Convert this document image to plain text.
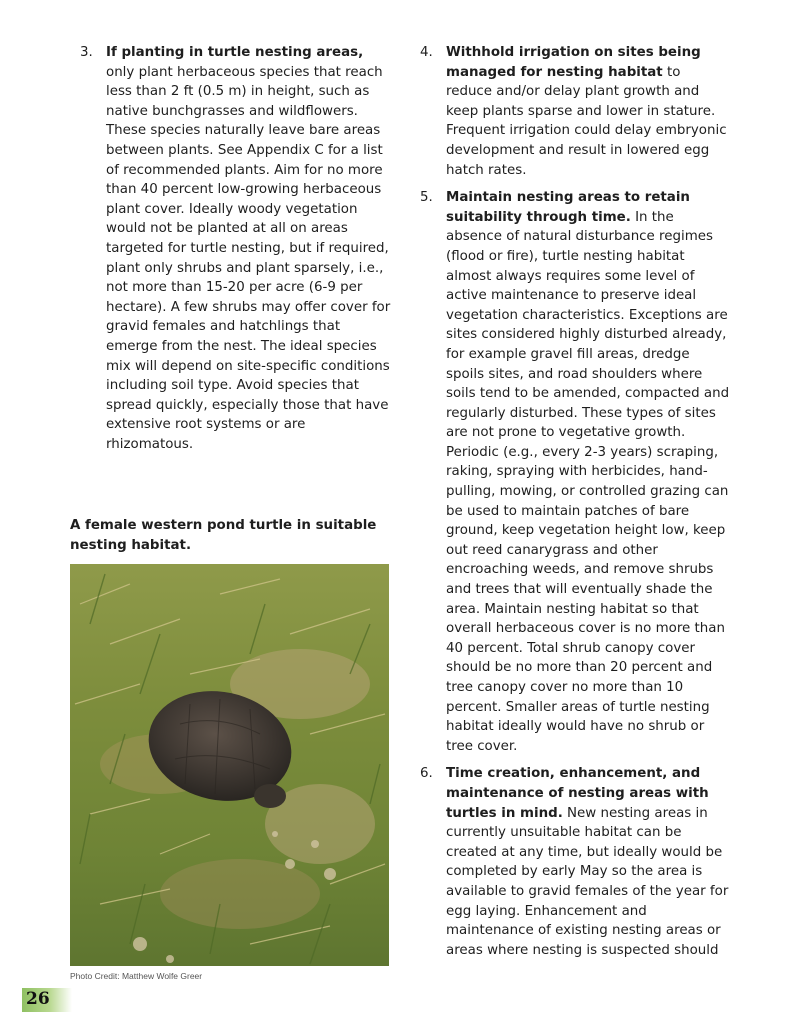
3. If planting in turtle nesting areas, only plant herbaceous species that reach less than 2 ft (0.5 m) in height, such as native bunchgrasses and wildflowers. These species naturally leave bare areas between plants. See Appendix C for a list of recommended plants. Aim for no more than 40 percent low-growing herbaceous plant cover. Ideally woody vegetation would not be planted at all on areas targeted for turtle nesting, but if required, plant only shrubs and plant sparsely, i.e., not more than 15-20 per acre (6-9 per hectare). A few shrubs may offer cover for gravid females and hatchlings that emerge from the nest. The ideal species mix will depend on site-specific conditions including soil type. Avoid species that spread quickly, especially those that have extensive root systems or are rhizomatous.
4. Withhold irrigation on sites being managed for nesting habitat to reduce and/or delay plant growth and keep plants sparse and lower in stature. Frequent irrigation could delay embryonic development and result in lowered egg hatch rates.
5. Maintain nesting areas to retain suitability through time. In the absence of natural disturbance regimes (flood or fire), turtle nesting habitat almost always requires some level of active maintenance to preserve ideal vegetation characteristics. Exceptions are sites considered highly disturbed already, for example gravel fill areas, dredge spoils sites, and road shoulders where soils tend to be amended, compacted and regularly disturbed. These types of sites are not prone to vegetative growth. Periodic (e.g., every 2-3 years) scraping, raking, spraying with herbicides, hand-pulling, mowing, or controlled grazing can be used to maintain patches of bare ground, keep vegetation height low, keep out reed canarygrass and other encroaching weeds, and remove shrubs and trees that will eventually shade the area. Maintain nesting habitat so that overall herbaceous cover is no more than 40 percent. Total shrub canopy cover should be no more than 20 percent and tree canopy cover no more than 10 percent. Smaller areas of turtle nesting habitat ideally would have no shrub or tree cover.
6. Time creation, enhancement, and maintenance of nesting areas with turtles in mind. New nesting areas in currently unsuitable habitat can be created at any time, but ideally would be completed by early May so the area is available to gravid females of the year for egg laying. Enhancement and maintenance of existing nesting areas or areas where nesting is suspected should
A female western pond turtle in suitable nesting habitat.
Photo Credit: Matthew Wolfe Greer
26
